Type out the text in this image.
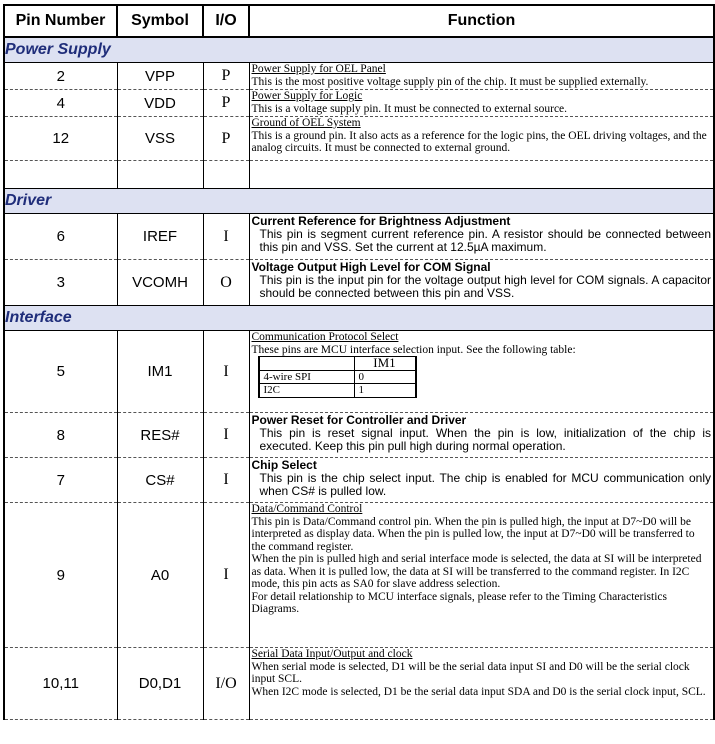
Pin Number	Symbol	I/O	Function
Power Supply
2	VPP	P	Power Supply for OEL Panel
This is the most positive voltage supply pin of the chip. It must be supplied externally.

4	VDD	P	Power Supply for Logic
This is a voltage supply pin. It must be connected to external source.

12	VSS	P	
Ground of OEL System
This is a ground pin. It also acts as a reference for the logic pins, the OEL driving voltages, and the analog circuits. It must be connected to external ground.

Driver
6	IREF	I	
Current Reference for Brightness Adjustment
This pin is segment current reference pin. A resistor should be connected between this pin and VSS. Set the current at 12.5µA maximum.

3	VCOMH	O	
Voltage Output High Level for COM Signal
This pin is the input pin for the voltage output high level for COM signals. A capacitor should be connected between this pin and VSS.

Interface
5	IM1	I	
Communication Protocol Select
These pins are MCU interface selection input. See the following table:
	IM1
4-wire SPI	0
I2C	1

8	RES#	I	
Power Reset for Controller and Driver
This pin is reset signal input. When the pin is low, initialization of the chip is executed. Keep this pin pull high during normal operation.

7	CS#	I	
Chip Select
This pin is the chip select input. The chip is enabled for MCU communication only when CS# is pulled low.

9	A0	I	
Data/Command Control
This pin is Data/Command control pin. When the pin is pulled high, the input at D7~D0 will be interpreted as display data. When the pin is pulled low, the input at D7~D0 will be transferred to the command register.
When the pin is pulled high and serial interface mode is selected, the data at SI will be interpreted as data. When it is pulled low, the data at SI will be transferred to the command register. In I2C mode, this pin acts as SA0 for slave address selection.
For detail relationship to MCU interface signals, please refer to the Timing Characteristics Diagrams.

10,11	D0,D1	I/O	
Serial Data Input/Output and clock
When serial mode is selected, D1 will be the serial data input SI and D0 will be the serial clock input SCL.
When I2C mode is selected, D1 be the serial data input SDA and D0 is the serial clock input, SCL.
